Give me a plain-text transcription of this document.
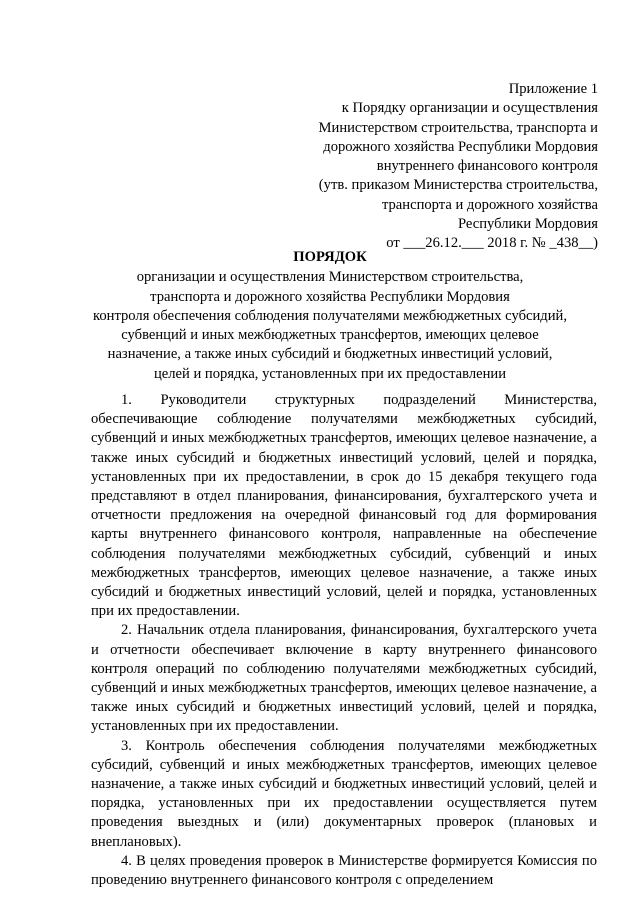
Приложение 1
к Порядку организации и осуществления
Министерством строительства, транспорта и
дорожного хозяйства Республики Мордовия
внутреннего финансового контроля
(утв. приказом Министерства строительства,
транспорта и дорожного хозяйства
Республики Мордовия
от ___26.12.___ 2018 г. № _438__)
ПОРЯДОК
организации и осуществления Министерством строительства,
транспорта и дорожного хозяйства Республики Мордовия
контроля обеспечения соблюдения получателями межбюджетных субсидий,
субвенций и иных межбюджетных трансфертов, имеющих целевое
назначение, а также иных субсидий и бюджетных инвестиций условий,
целей и порядка, установленных при их предоставлении

1. Руководители структурных подразделений Министерства, обеспечивающие соблюдение получателями межбюджетных субсидий, субвенций и иных межбюджетных трансфертов, имеющих целевое назначение, а также иных субсидий и бюджетных инвестиций условий, целей и порядка, установленных при их предоставлении, в срок до 15 декабря текущего года представляют в отдел планирования, финансирования, бухгалтерского учета и отчетности предложения на очередной финансовый год для формирования карты внутреннего финансового контроля, направленные на обеспечение соблюдения получателями межбюджетных субсидий, субвенций и иных межбюджетных трансфертов, имеющих целевое назначение, а также иных субсидий и бюджетных инвестиций условий, целей и порядка, установленных при их предоставлении.

2. Начальник отдела планирования, финансирования, бухгалтерского учета и отчетности обеспечивает включение в карту внутреннего финансового контроля операций по соблюдению получателями межбюджетных субсидий, субвенций и иных межбюджетных трансфертов, имеющих целевое назначение, а также иных субсидий и бюджетных инвестиций условий, целей и порядка, установленных при их предоставлении.

3. Контроль обеспечения соблюдения получателями межбюджетных субсидий, субвенций и иных межбюджетных трансфертов, имеющих целевое назначение, а также иных субсидий и бюджетных инвестиций условий, целей и порядка, установленных при их предоставлении осуществляется путем проведения выездных и (или) документарных проверок (плановых и внеплановых).

4. В целях проведения проверок в Министерстве формируется Комиссия по проведению внутреннего финансового контроля с определением
